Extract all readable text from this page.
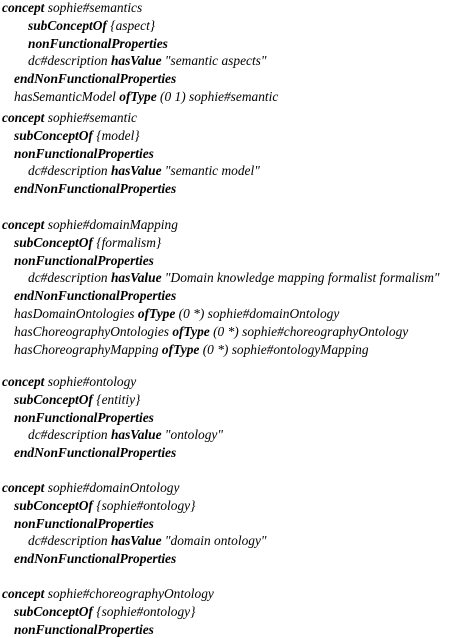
concept sophie#semantics
subConceptOf {aspect}
nonFunctionalProperties
dc#description hasValue "semantic aspects"
endNonFunctionalProperties
hasSemanticModel ofType (0 1) sophie#semantic
concept sophie#semantic
subConceptOf {model}
nonFunctionalProperties
dc#description hasValue "semantic model"
endNonFunctionalProperties
concept sophie#domainMapping
subConceptOf {formalism}
nonFunctionalProperties
dc#description hasValue "Domain knowledge mapping formalist formalism"
endNonFunctionalProperties
hasDomainOntologies ofType (0 *) sophie#domainOntology
hasChoreographyOntologies ofType (0 *) sophie#choreographyOntology
hasChoreographyMapping ofType (0 *) sophie#ontologyMapping
concept sophie#ontology
subConceptOf {entitiy}
nonFunctionalProperties
dc#description hasValue "ontology"
endNonFunctionalProperties
concept sophie#domainOntology
subConceptOf {sophie#ontology}
nonFunctionalProperties
dc#description hasValue "domain ontology"
endNonFunctionalProperties
concept sophie#choreographyOntology
subConceptOf {sophie#ontology}
nonFunctionalProperties
